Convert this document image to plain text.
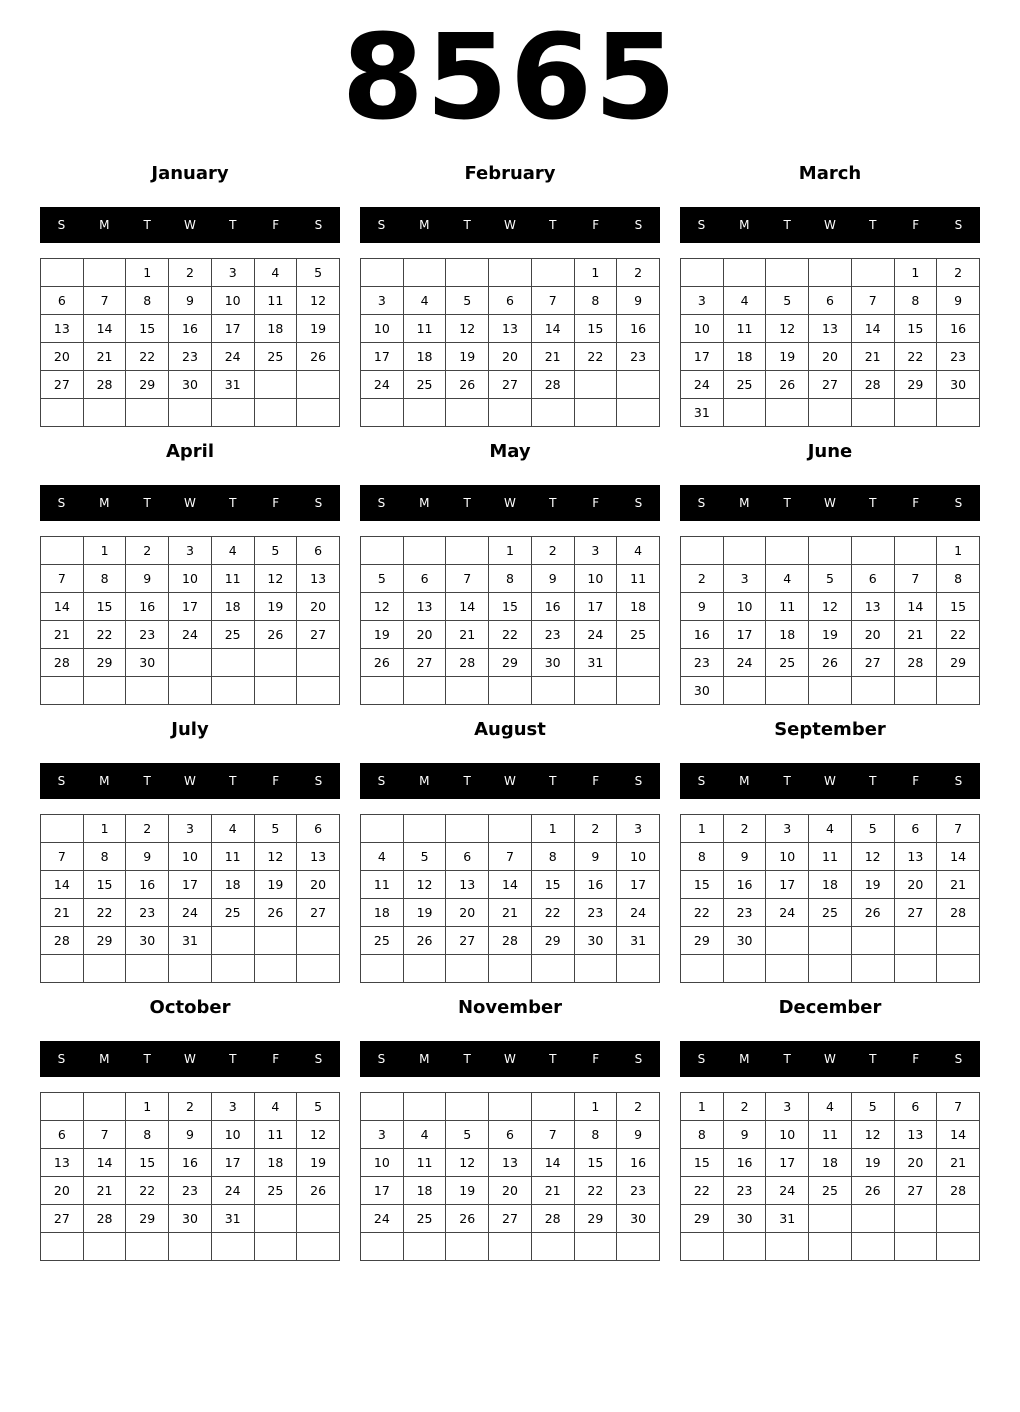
8565
January
S	M	T	W	T	F	S
		1	2	3	4	5
6	7	8	9	10	11	12
13	14	15	16	17	18	19
20	21	22	23	24	25	26
27	28	29	30	31		

February
S	M	T	W	T	F	S
					1	2
3	4	5	6	7	8	9
10	11	12	13	14	15	16
17	18	19	20	21	22	23
24	25	26	27	28		

March
S	M	T	W	T	F	S
					1	2
3	4	5	6	7	8	9
10	11	12	13	14	15	16
17	18	19	20	21	22	23
24	25	26	27	28	29	30
31						
April
S	M	T	W	T	F	S
	1	2	3	4	5	6
7	8	9	10	11	12	13
14	15	16	17	18	19	20
21	22	23	24	25	26	27
28	29	30				

May
S	M	T	W	T	F	S
			1	2	3	4
5	6	7	8	9	10	11
12	13	14	15	16	17	18
19	20	21	22	23	24	25
26	27	28	29	30	31	

June
S	M	T	W	T	F	S
						1
2	3	4	5	6	7	8
9	10	11	12	13	14	15
16	17	18	19	20	21	22
23	24	25	26	27	28	29
30						
July
S	M	T	W	T	F	S
	1	2	3	4	5	6
7	8	9	10	11	12	13
14	15	16	17	18	19	20
21	22	23	24	25	26	27
28	29	30	31			

August
S	M	T	W	T	F	S
				1	2	3
4	5	6	7	8	9	10
11	12	13	14	15	16	17
18	19	20	21	22	23	24
25	26	27	28	29	30	31

September
S	M	T	W	T	F	S
1	2	3	4	5	6	7
8	9	10	11	12	13	14
15	16	17	18	19	20	21
22	23	24	25	26	27	28
29	30					

October
S	M	T	W	T	F	S
		1	2	3	4	5
6	7	8	9	10	11	12
13	14	15	16	17	18	19
20	21	22	23	24	25	26
27	28	29	30	31		

November
S	M	T	W	T	F	S
					1	2
3	4	5	6	7	8	9
10	11	12	13	14	15	16
17	18	19	20	21	22	23
24	25	26	27	28	29	30

December
S	M	T	W	T	F	S
1	2	3	4	5	6	7
8	9	10	11	12	13	14
15	16	17	18	19	20	21
22	23	24	25	26	27	28
29	30	31				
